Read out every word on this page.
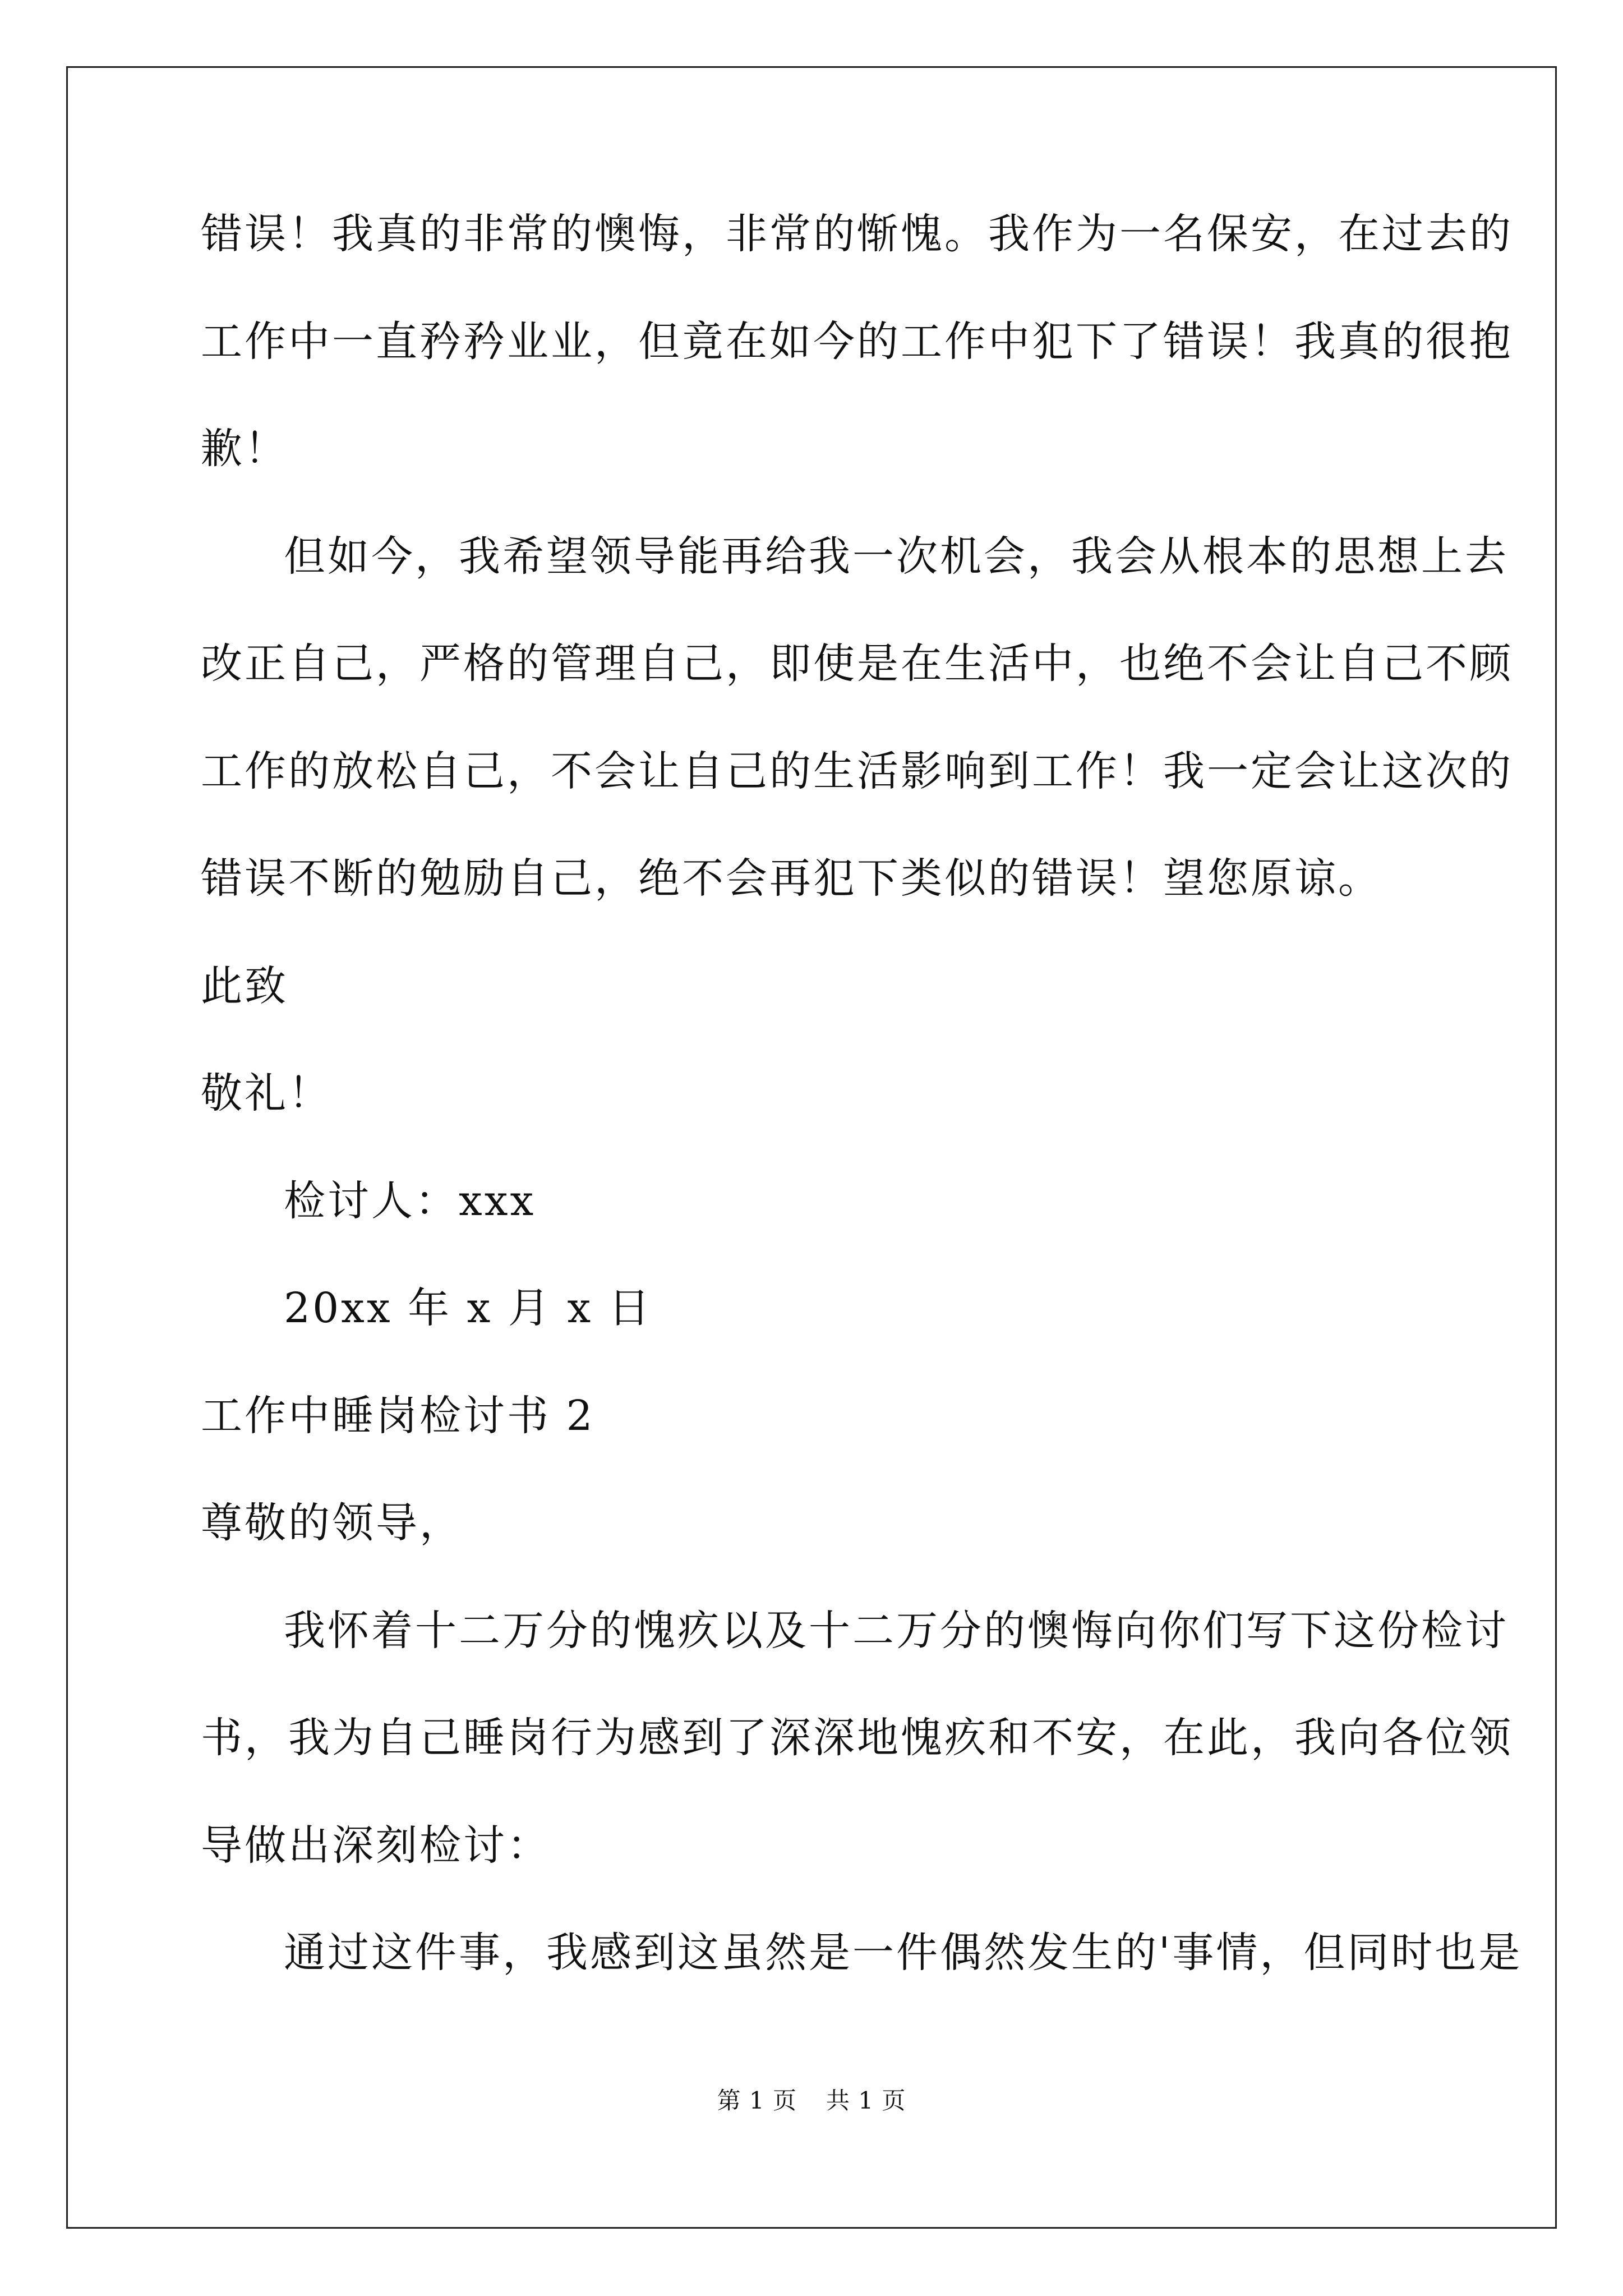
错误！我真的非常的懊悔，非常的惭愧。我作为一名保安，在过去的
工作中一直矜矜业业，但竟在如今的工作中犯下了错误！我真的很抱
歉！
但如今，我希望领导能再给我一次机会，我会从根本的思想上去
改正自己，严格的管理自己，即使是在生活中，也绝不会让自己不顾
工作的放松自己，不会让自己的生活影响到工作！我一定会让这次的
错误不断的勉励自己，绝不会再犯下类似的错误！望您原谅。
此致
敬礼！
检讨人：xxx
20xx 年 x 月 x 日
工作中睡岗检讨书 2
尊敬的领导，
我怀着十二万分的愧疚以及十二万分的懊悔向你们写下这份检讨
书，我为自己睡岗行为感到了深深地愧疚和不安，在此，我向各位领
导做出深刻检讨：
通过这件事，我感到这虽然是一件偶然发生的'事情，但同时也是
第 1 页 共 1 页
